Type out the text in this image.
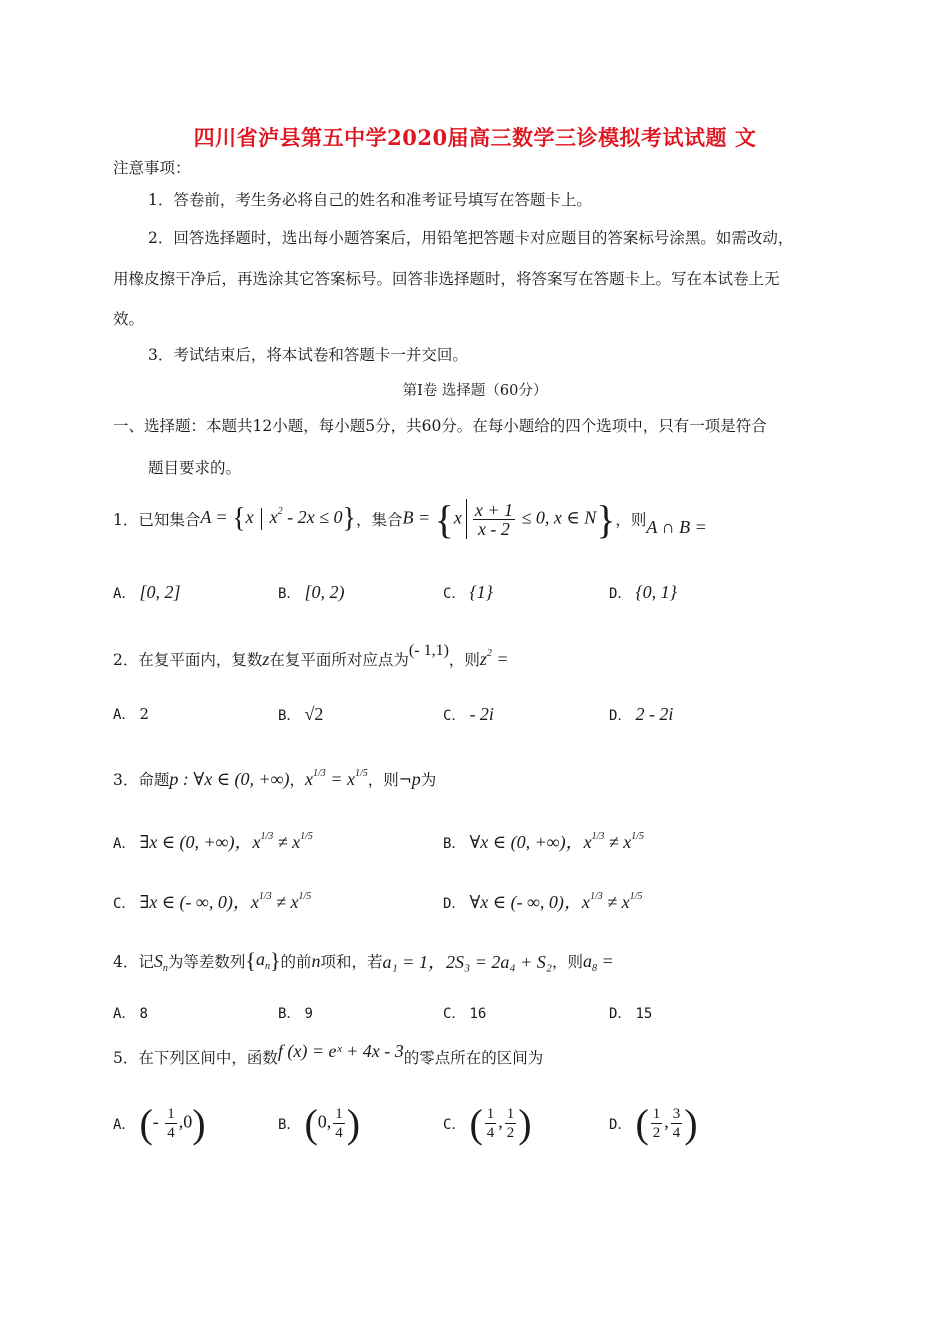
四川省泸县第五中学2020届高三数学三诊模拟考试试题 文
注意事项：
1．答卷前，考生务必将自己的姓名和准考证号填写在答题卡上。
2．回答选择题时，选出每小题答案后，用铅笔把答题卡对应题目的答案标号涂黑。如需改动，
用橡皮擦干净后，再选涂其它答案标号。回答非选择题时，将答案写在答题卡上。写在本试卷上无
效。
3．考试结束后，将本试卷和答题卡一并交回。
第I卷 选择题（60分）
一、选择题：本题共12小题，每小题5分，共60分。在每小题给的四个选项中，只有一项是符合
题目要求的。
1．已知集合 A = {x  $x^2 - 2x \le 0$} ，集合 $B = \{x \frac{x + 1}{x - 2} \le 0$, x ∈ N} ，则 A ∩ B =
A． [0, 2]	B． [0, 2)	C． {1}	D． {0, 1}
2．在复平面内，复数 z 在复平面所对应点为
(- 1,1)
，则 $z^2$ =
A． 2	B． √2	C． - 2i	D． 2 - 2i
3．命题 p : ∀x ∈ (0, +∞) ， $x^{1/3} = x^{1/5}$ ，则¬ p 为
A． ∃x ∈ (0, +∞)，$x^{1/3} \ne x^{1/5}$	B． ∀x ∈ (0, +∞)，$x^{1/3} \ne x^{1/5}$
C． ∃x ∈ (- ∞, 0)，$x^{1/3} \ne x^{1/5}$	D． ∀x ∈ (- ∞, 0)，$x^{1/3} \ne x^{1/5}$
4．记 $S_n$ 为等差数列 $\{a_n\}$ 的前 n 项和，若 a₁ = 1，2S₃ = 2a₄ + S₂ ，则 $a_8$ =
A． 8	B． 9	C． 16	D． 15
5．在下列区间中，函数 f (x) = eˣ + 4x - 3 的零点所在的区间为
A． (- $\frac{1}{4} ,0$)	B． (0, $\frac{1}{4}$ )	C． ( $\frac{1}{4}$ , $\frac{1}{2}$ )	D． ( $\frac{1}{2}$ , $\frac{3}{4}$ )
